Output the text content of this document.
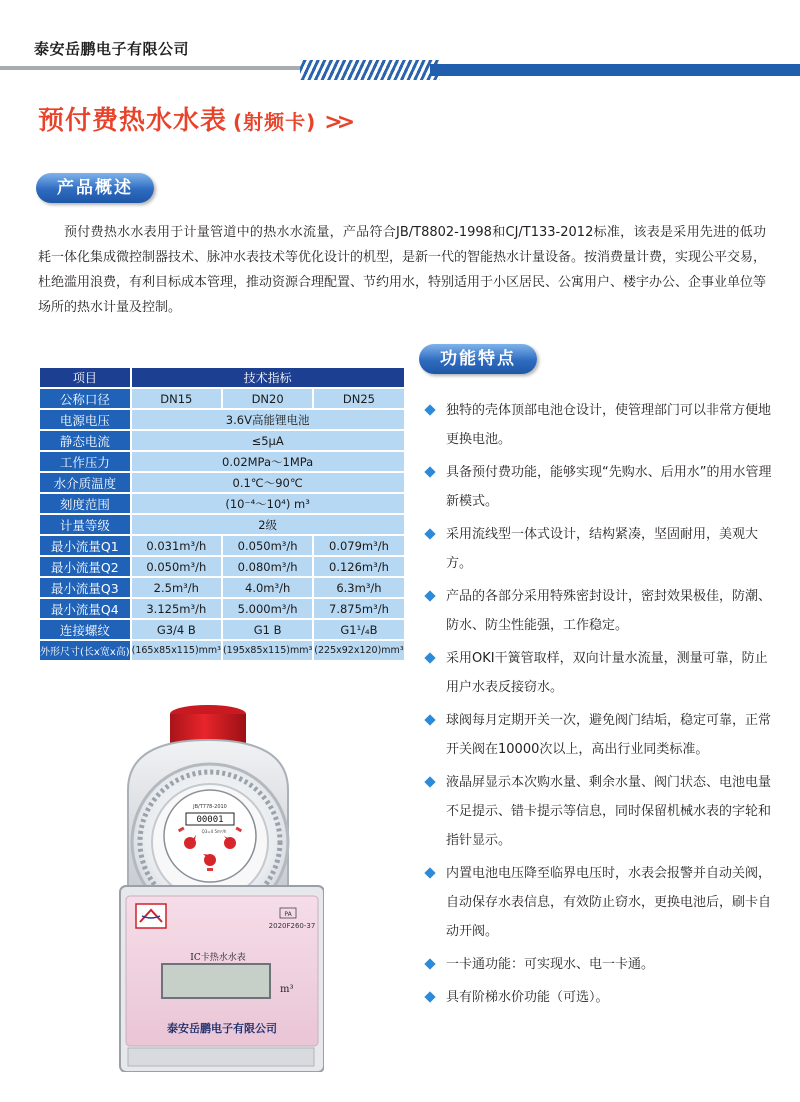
泰安岳鹏电子有限公司
预付费热水水表 (射频卡) >>
产品概述
预付费热水水表用于计量管道中的热水水流量，产品符合JB/T8802-1998和CJ/T133-2012标准，该表是采用先进的低功耗一体化集成微控制器技术、脉冲水表技术等优化设计的机型，是新一代的智能热水计量设备。按消费量计费，实现公平交易，杜绝滥用浪费，有利目标成本管理，推动资源合理配置、节约用水，特别适用于小区居民、公寓用户、楼宇办公、企事业单位等场所的热水计量及控制。
项目	技术指标		
公称口径	DN15	DN20	DN25
电源电压	3.6V高能锂电池		
静态电流	≤5μA		
工作压力	0.02MPa～1MPa		
水介质温度	0.1℃～90℃		
刻度范围	(10⁻⁴～10⁴) m³		
计量等级	2级		
最小流量Q1	0.031m³/h	0.050m³/h	0.079m³/h
最小流量Q2	0.050m³/h	0.080m³/h	0.126m³/h
最小流量Q3	2.5m³/h	4.0m³/h	6.3m³/h
最小流量Q4	3.125m³/h	5.000m³/h	7.875m³/h
连接螺纹	G3/4 B	G1 B	G1¹/₄B
外形尺寸(长x宽x高)	(165x85x115)mm³	(195x85x115)mm³	(225x92x120)mm³
功能特点
独特的壳体顶部电池仓设计，使管理部门可以非常方便地更换电池。
具备预付费功能，能够实现“先购水、后用水”的用水管理新模式。
采用流线型一体式设计，结构紧凑，坚固耐用，美观大方。
产品的各部分采用特殊密封设计，密封效果极佳，防潮、防水、防尘性能强，工作稳定。
采用OKI干簧管取样，双向计量水流量，测量可靠，防止用户水表反接窃水。
球阀每月定期开关一次，避免阀门结垢，稳定可靠，正常开关阀在10000次以上，高出行业同类标准。
液晶屏显示本次购水量、剩余水量、阀门状态、电池电量不足提示、错卡提示等信息，同时保留机械水表的字轮和指针显示。
内置电池电压降至临界电压时，水表会报警并自动关阀，自动保存水表信息，有效防止窃水，更换电池后，刷卡自动开阀。
一卡通功能：可实现水、电一卡通。
具有阶梯水价功能（可选）。
JB/T778-2010
00001
Q3=4 5m³/h
PA
2020F260-37
IC卡热水水表
m³
泰安岳鹏电子有限公司
